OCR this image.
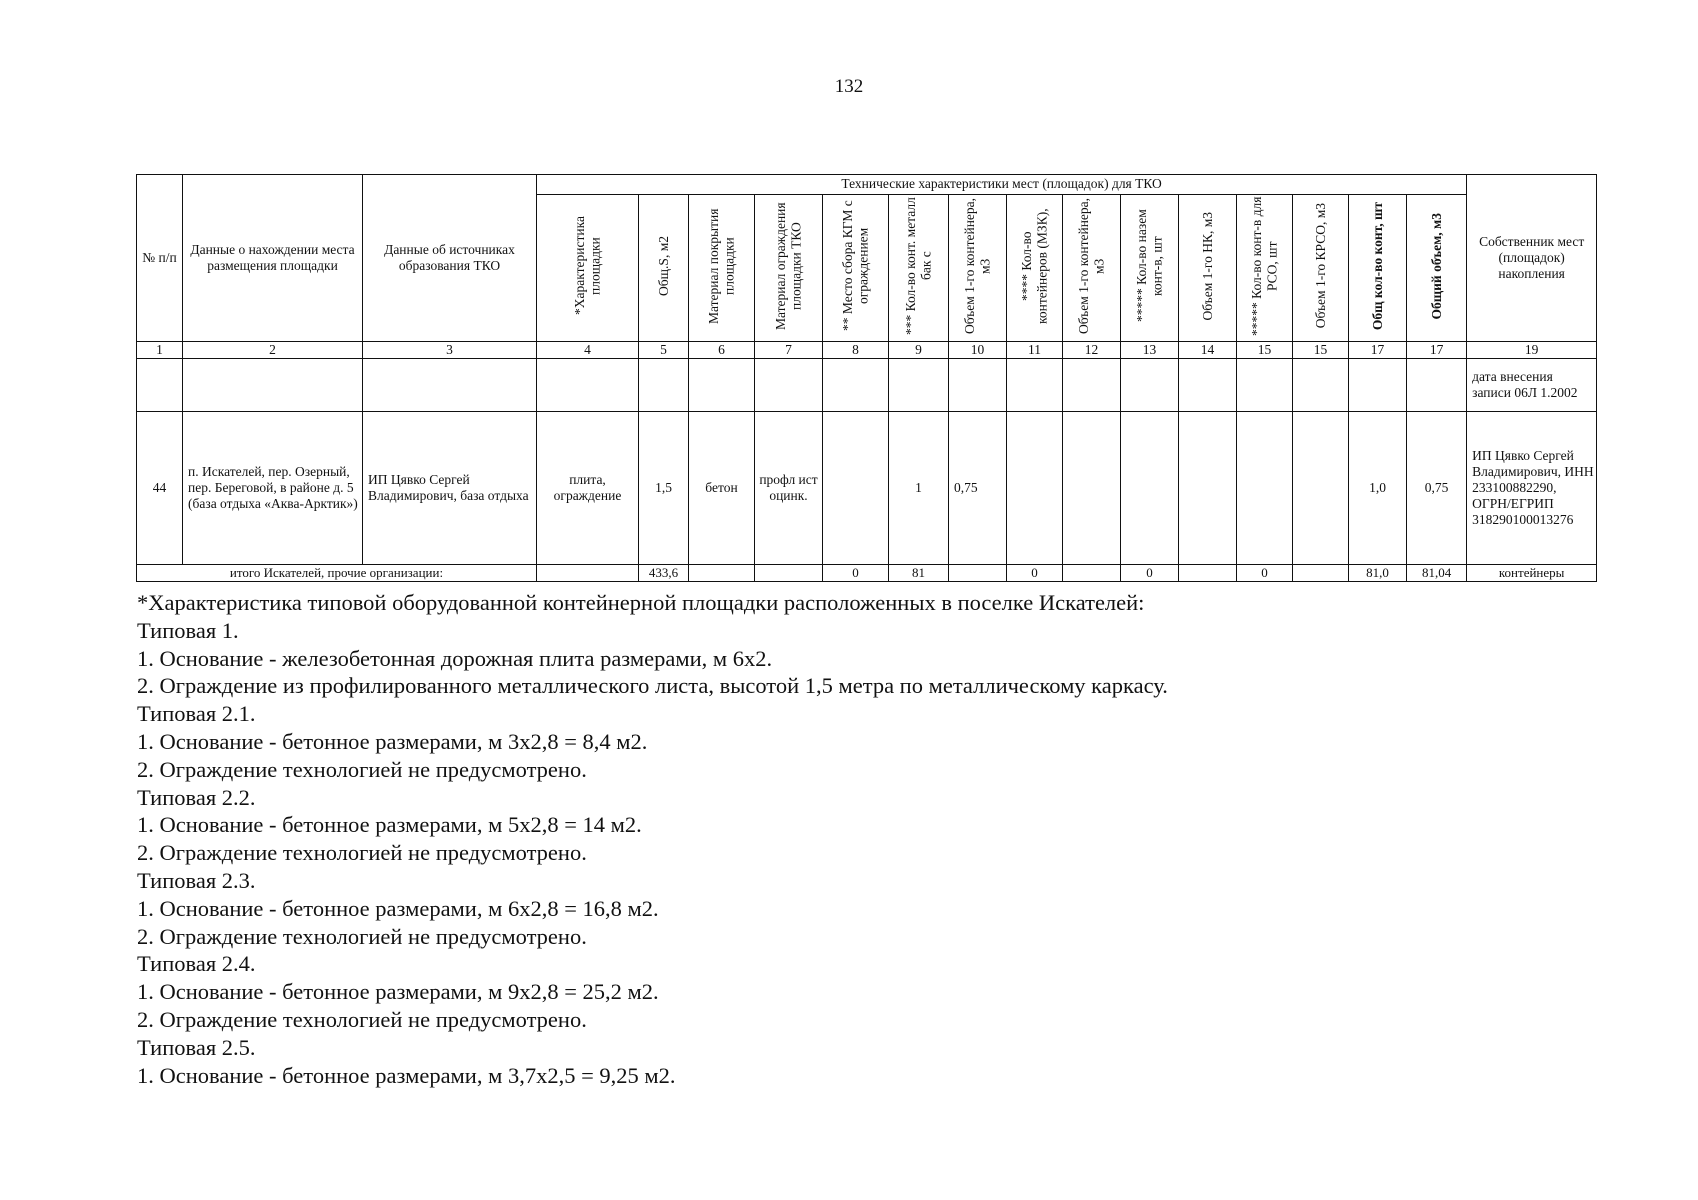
132
№ п/п	Данные о нахождении места размещения площадки	Данные об источниках образования ТКО	Технические характеристики мест (площадок) для ТКО															Собственник мест (площадок) накопления
			*Характеристика площадки	Общ.S, м2	Материал покрытия площадки	Материал ограждения площадки ТКО	** Место сбора КГМ с ограждением	*** Кол-во конт. металл бак с	Объем 1-го контейнера, м3	**** Кол-во контейнеров (МЗК),	Объем 1-го контейнера, м3	***** Кол-во назем конт-в, шт	Объем 1-го НК, м3	***** Кол-во конт-в для РСО, шт	Объем 1-го КРСО, м3	Общ кол-во конт, шт	Общий объем, м3	
1	2	3	4	5	6	7	8	9	10	11	12	13	14	15	15	17	17	19
																		дата внесения записи 06Л 1.2002
44	п. Искателей, пер. Озерный, пер. Береговой, в районе д. 5 (база отдыха «Аква-Арктик»)	ИП Цявко Сергей Владимирович, база отдыха	плита, ограждение	1,5	бетон	профл ист оцинк.		1	0,75							1,0	0,75	ИП Цявко Сергей Владимирович, ИНН 233100882290, ОГРН/ЕГРИП 318290100013276
итого Искателей, прочие организации:				433,6			0	81		0		0		0		81,0	81,04	контейнеры
*Характеристика типовой оборудованной контейнерной площадки расположенных в поселке Искателей:
Типовая 1.
1. Основание - железобетонная дорожная плита размерами, м 6х2.
2. Ограждение из профилированного металлического листа, высотой 1,5 метра по металлическому каркасу.
Типовая 2.1.
1. Основание - бетонное размерами, м 3х2,8 = 8,4 м2.
2. Ограждение технологией не предусмотрено.
Типовая 2.2.
1. Основание - бетонное размерами, м 5х2,8 = 14 м2.
2. Ограждение технологией не предусмотрено.
Типовая 2.3.
1. Основание - бетонное размерами, м 6х2,8 = 16,8 м2.
2. Ограждение технологией не предусмотрено.
Типовая 2.4.
1. Основание - бетонное размерами, м 9х2,8 = 25,2 м2.
2. Ограждение технологией не предусмотрено.
Типовая 2.5.
1. Основание - бетонное размерами, м 3,7х2,5 = 9,25 м2.
